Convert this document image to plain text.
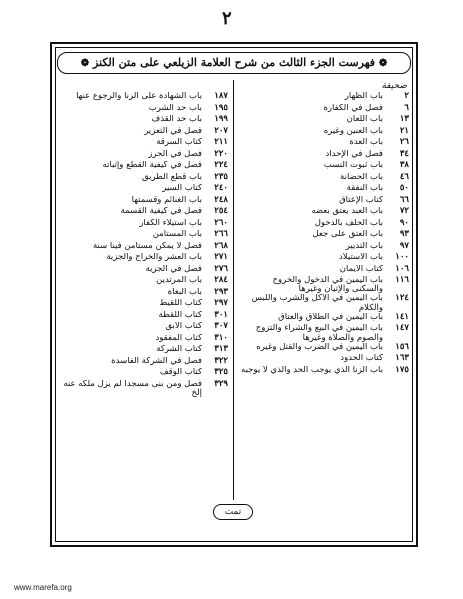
٢
❁ فهرست الجزء الثالث من شرح العلامة الزيلعي على متن الكنز ❁
صحيفة
٢
باب الظهار
٦
فصل في الكفارة
١٣
باب اللعان
٢١
باب العنين وغيره
٢٦
باب العدة
٣٤
فصل في الإحداد
٣٨
باب ثبوت النسب
٤٦
باب الحضانة
٥٠
باب النفقة
٦٦
كتاب الإعتاق
٧٢
باب العبد يعتق بعضه
٩٠
باب الحلف بالدخول
٩٣
باب العتق على جعل
٩٧
باب التدبير
١٠٠
باب الاستيلاد
١٠٦
كتاب الأيمان
١١٦
باب اليمين في الدخول والخروج والسكنى والإتيان وغيرها
١٢٤
باب اليمين في الأكل والشرب واللبس والكلام
١٤١
باب اليمين في الطلاق والعتاق
١٤٧
باب اليمين في البيع والشراء والتزوج والصوم والصلاة وغيرها
١٥٦
باب اليمين في الضرب والقتل وغيره
١٦٣
كتاب الحدود
١٧٥
باب الزنا الذي يوجب الحد والذي لا يوجبه
١٨٧
باب الشهادة على الزنا والرجوع عنها
١٩٥
باب حد الشرب
١٩٩
باب حد القذف
٢٠٧
فصل في التعزير
٢١١
كتاب السرقة
٢٢٠
فصل في الحرز
٢٢٤
فصل في كيفية القطع وإثباته
٢٣٥
باب قطع الطريق
٢٤٠
كتاب السير
٢٤٨
باب الغنائم وقسمتها
٢٥٤
فصل في كيفية القسمة
٢٦٠
باب استيلاء الكفار
٢٦٦
باب المستأمن
٢٦٨
فصل لا يمكن مستأمن فينا سنة
٢٧١
باب العشر والخراج والجزية
٢٧٦
فصل في الجزية
٢٨٤
باب المرتدين
٢٩٣
باب البغاة
٢٩٧
كتاب اللقيط
٣٠١
كتاب اللقطة
٣٠٧
كتاب الآبق
٣١٠
كتاب المفقود
٣١٣
كتاب الشركة
٣٢٢
فصل في الشركة الفاسدة
٣٢٥
كتاب الوقف
٣٢٩
فصل ومن بنى مسجدا لم يزل ملكه عنه إلخ
تمت
www.marefa.org
